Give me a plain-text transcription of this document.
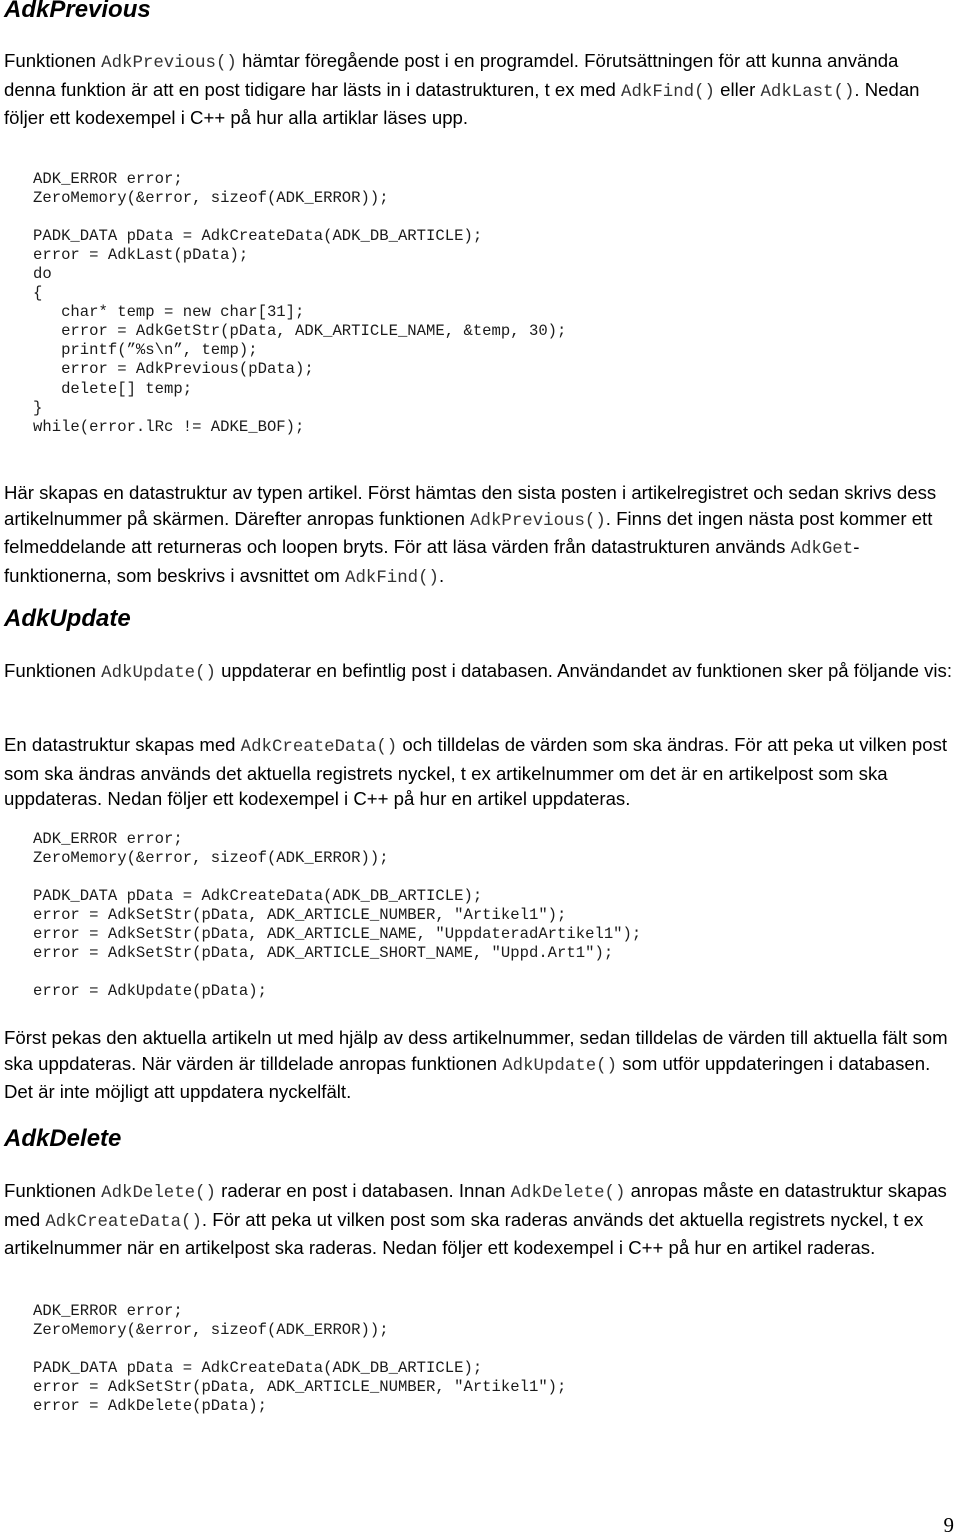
AdkPrevious

Funktionen AdkPrevious() hämtar föregående post i en programdel. Förutsättningen för att kunna använda denna funktion är att en post tidigare har lästs in i datastrukturen, t ex med AdkFind() eller AdkLast(). Nedan följer ett kodexempel i C++ på hur alla artiklar läses upp.

ADK_ERROR error;
ZeroMemory(&error, sizeof(ADK_ERROR));

PADK_DATA pData = AdkCreateData(ADK_DB_ARTICLE);
error = AdkLast(pData);
do
{
char* temp = new char[31];
error = AdkGetStr(pData, ADK_ARTICLE_NAME, &temp, 30);
printf(”%s\n”, temp);
error = AdkPrevious(pData);
delete[] temp;
}
while(error.lRc != ADKE_BOF);

Här skapas en datastruktur av typen artikel. Först hämtas den sista posten i artikelregistret och sedan skrivs dess artikelnummer på skärmen. Därefter anropas funktionen AdkPrevious(). Finns det ingen nästa post kommer ett felmeddelande att returneras och loopen bryts. För att läsa värden från datastrukturen används AdkGet-funktionerna, som beskrivs i avsnittet om AdkFind().

AdkUpdate

Funktionen AdkUpdate() uppdaterar en befintlig post i databasen. Användandet av funktionen sker på följande vis:

En datastruktur skapas med AdkCreateData() och tilldelas de värden som ska ändras. För att peka ut vilken post som ska ändras används det aktuella registrets nyckel, t ex artikelnummer om det är en artikelpost som ska uppdateras. Nedan följer ett kodexempel i C++ på hur en artikel uppdateras.

ADK_ERROR error;
ZeroMemory(&error, sizeof(ADK_ERROR));

PADK_DATA pData = AdkCreateData(ADK_DB_ARTICLE);
error = AdkSetStr(pData, ADK_ARTICLE_NUMBER, "Artikel1");
error = AdkSetStr(pData, ADK_ARTICLE_NAME, "UppdateradArtikel1");
error = AdkSetStr(pData, ADK_ARTICLE_SHORT_NAME, "Uppd.Art1");

error = AdkUpdate(pData);

Först pekas den aktuella artikeln ut med hjälp av dess artikelnummer, sedan tilldelas de värden till aktuella fält som ska uppdateras. När värden är tilldelade anropas funktionen AdkUpdate() som utför uppdateringen i databasen. Det är inte möjligt att uppdatera nyckelfält.

AdkDelete

Funktionen AdkDelete() raderar en post i databasen. Innan AdkDelete() anropas måste en datastruktur skapas med AdkCreateData(). För att peka ut vilken post som ska raderas används det aktuella registrets nyckel, t ex artikelnummer när en artikelpost ska raderas. Nedan följer ett kodexempel i C++ på hur en artikel raderas.

ADK_ERROR error;
ZeroMemory(&error, sizeof(ADK_ERROR));

PADK_DATA pData = AdkCreateData(ADK_DB_ARTICLE);
error = AdkSetStr(pData, ADK_ARTICLE_NUMBER, "Artikel1");
error = AdkDelete(pData);
9
